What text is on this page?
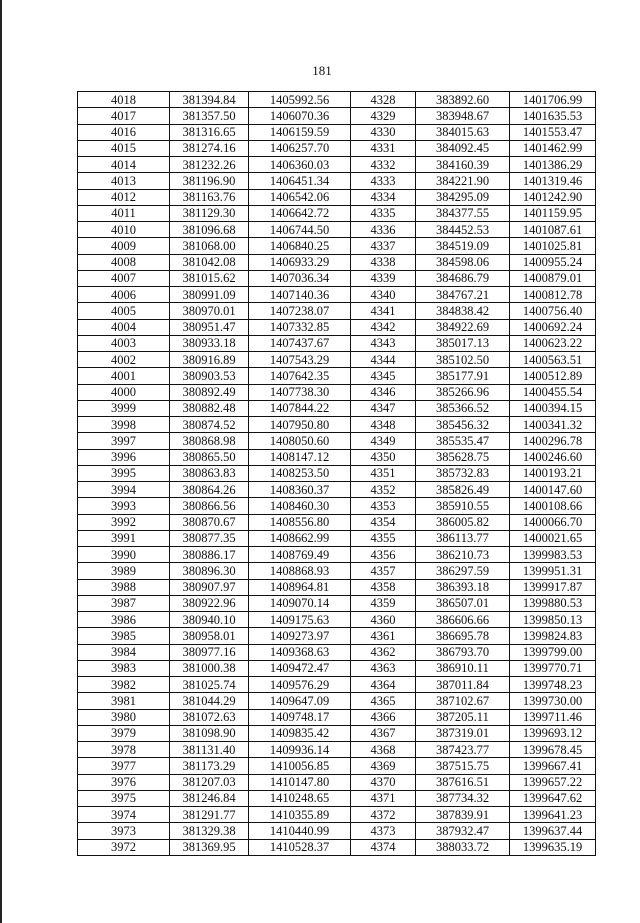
181
4018	381394.84	1405992.56	4328	383892.60	1401706.99
4017	381357.50	1406070.36	4329	383948.67	1401635.53
4016	381316.65	1406159.59	4330	384015.63	1401553.47
4015	381274.16	1406257.70	4331	384092.45	1401462.99
4014	381232.26	1406360.03	4332	384160.39	1401386.29
4013	381196.90	1406451.34	4333	384221.90	1401319.46
4012	381163.76	1406542.06	4334	384295.09	1401242.90
4011	381129.30	1406642.72	4335	384377.55	1401159.95
4010	381096.68	1406744.50	4336	384452.53	1401087.61
4009	381068.00	1406840.25	4337	384519.09	1401025.81
4008	381042.08	1406933.29	4338	384598.06	1400955.24
4007	381015.62	1407036.34	4339	384686.79	1400879.01
4006	380991.09	1407140.36	4340	384767.21	1400812.78
4005	380970.01	1407238.07	4341	384838.42	1400756.40
4004	380951.47	1407332.85	4342	384922.69	1400692.24
4003	380933.18	1407437.67	4343	385017.13	1400623.22
4002	380916.89	1407543.29	4344	385102.50	1400563.51
4001	380903.53	1407642.35	4345	385177.91	1400512.89
4000	380892.49	1407738.30	4346	385266.96	1400455.54
3999	380882.48	1407844.22	4347	385366.52	1400394.15
3998	380874.52	1407950.80	4348	385456.32	1400341.32
3997	380868.98	1408050.60	4349	385535.47	1400296.78
3996	380865.50	1408147.12	4350	385628.75	1400246.60
3995	380863.83	1408253.50	4351	385732.83	1400193.21
3994	380864.26	1408360.37	4352	385826.49	1400147.60
3993	380866.56	1408460.30	4353	385910.55	1400108.66
3992	380870.67	1408556.80	4354	386005.82	1400066.70
3991	380877.35	1408662.99	4355	386113.77	1400021.65
3990	380886.17	1408769.49	4356	386210.73	1399983.53
3989	380896.30	1408868.93	4357	386297.59	1399951.31
3988	380907.97	1408964.81	4358	386393.18	1399917.87
3987	380922.96	1409070.14	4359	386507.01	1399880.53
3986	380940.10	1409175.63	4360	386606.66	1399850.13
3985	380958.01	1409273.97	4361	386695.78	1399824.83
3984	380977.16	1409368.63	4362	386793.70	1399799.00
3983	381000.38	1409472.47	4363	386910.11	1399770.71
3982	381025.74	1409576.29	4364	387011.84	1399748.23
3981	381044.29	1409647.09	4365	387102.67	1399730.00
3980	381072.63	1409748.17	4366	387205.11	1399711.46
3979	381098.90	1409835.42	4367	387319.01	1399693.12
3978	381131.40	1409936.14	4368	387423.77	1399678.45
3977	381173.29	1410056.85	4369	387515.75	1399667.41
3976	381207.03	1410147.80	4370	387616.51	1399657.22
3975	381246.84	1410248.65	4371	387734.32	1399647.62
3974	381291.77	1410355.89	4372	387839.91	1399641.23
3973	381329.38	1410440.99	4373	387932.47	1399637.44
3972	381369.95	1410528.37	4374	388033.72	1399635.19
